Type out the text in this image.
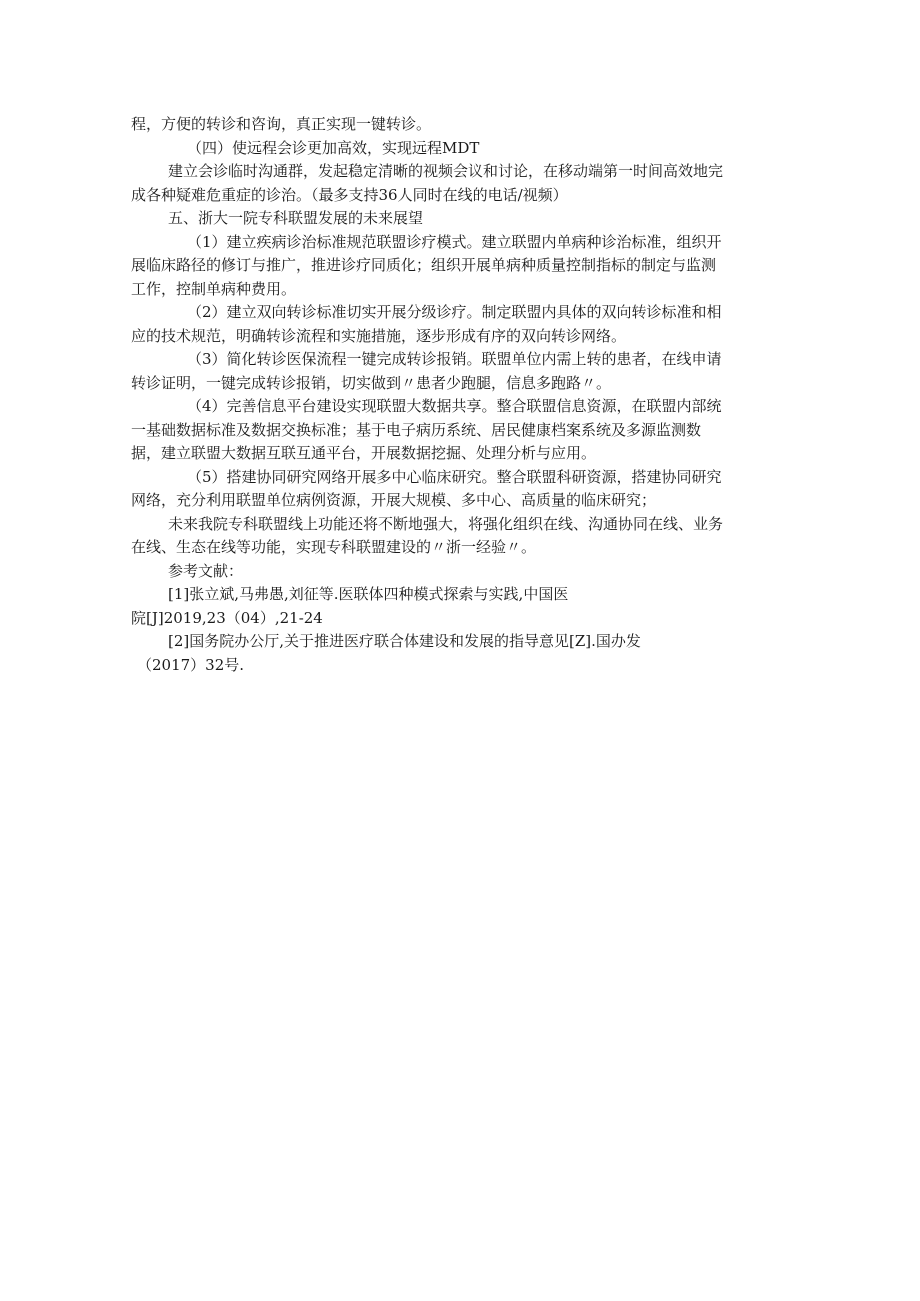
程，方便的转诊和咨询，真正实现一键转诊。
（四）使远程会诊更加高效，实现远程MDT
建立会诊临时沟通群，发起稳定清晰的视频会议和讨论，在移动端第一时间高效地完
成各种疑难危重症的诊治。（最多支持36人同时在线的电话/视频）
五、浙大一院专科联盟发展的未来展望
（1）建立疾病诊治标准规范联盟诊疗模式。建立联盟内单病种诊治标准，组织开
展临床路径的修订与推广，推进诊疗同质化；组织开展单病种质量控制指标的制定与监测
工作，控制单病种费用。
（2）建立双向转诊标准切实开展分级诊疗。制定联盟内具体的双向转诊标准和相
应的技术规范，明确转诊流程和实施措施，逐步形成有序的双向转诊网络。
（3）简化转诊医保流程一键完成转诊报销。联盟单位内需上转的患者，在线申请
转诊证明，一键完成转诊报销，切实做到〃患者少跑腿，信息多跑路〃。
（4）完善信息平台建设实现联盟大数据共享。整合联盟信息资源，在联盟内部统
一基础数据标准及数据交换标准；基于电子病历系统、居民健康档案系统及多源监测数
据，建立联盟大数据互联互通平台，开展数据挖掘、处理分析与应用。
（5）搭建协同研究网络开展多中心临床研究。整合联盟科研资源，搭建协同研究
网络，充分利用联盟单位病例资源，开展大规模、多中心、高质量的临床研究；
未来我院专科联盟线上功能还将不断地强大，将强化组织在线、沟通协同在线、业务
在线、生态在线等功能，实现专科联盟建设的〃浙一经验〃。
参考文献：
[1]张立斌,马弗愚,刘征等.医联体四种模式探索与实践,中国医
院[J]2019,23（04）,21-24
[2]国务院办公厅,关于推进医疗联合体建设和发展的指导意见[Z].国办发
（2017）32号.
